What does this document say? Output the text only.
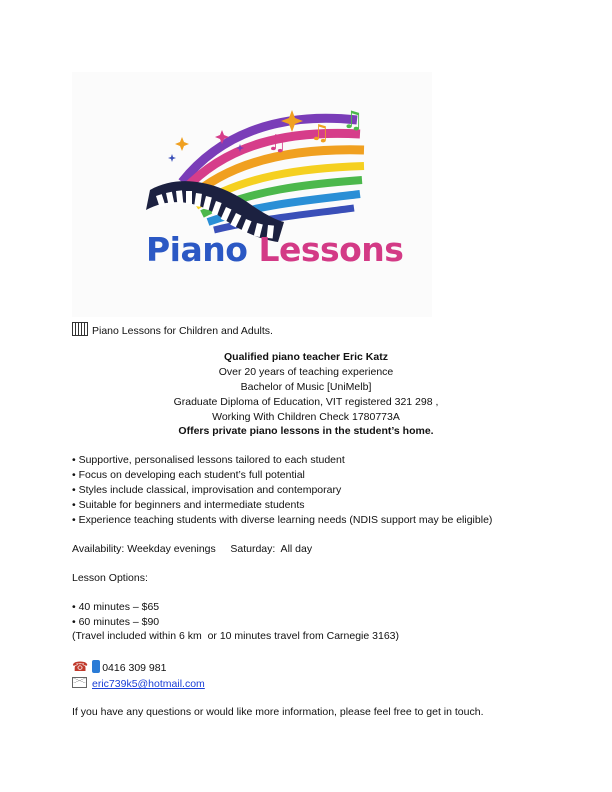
♫ ♫ ♫
Piano Lessons
Piano Lessons for Children and Adults.
Qualified piano teacher Eric Katz
Over 20 years of teaching experience
Bachelor of Music [UniMelb]
Graduate Diploma of Education, VIT registered 321 298 ,
Working With Children Check 1780773A
Offers private piano lessons in the student’s home.
• Supportive, personalised lessons tailored to each student
• Focus on developing each student’s full potential
• Styles include classical, improvisation and contemporary
• Suitable for beginners and intermediate students
• Experience teaching students with diverse learning needs (NDIS support may be eligible)
Availability: Weekday evenings     Saturday:  All day
Lesson Options:
• 40 minutes – $65
• 60 minutes – $90
(Travel included within 6 km  or 10 minutes travel from Carnegie 3163)
☎ 0416 309 981
eric739k5@hotmail.com
If you have any questions or would like more information, please feel free to get in touch.
